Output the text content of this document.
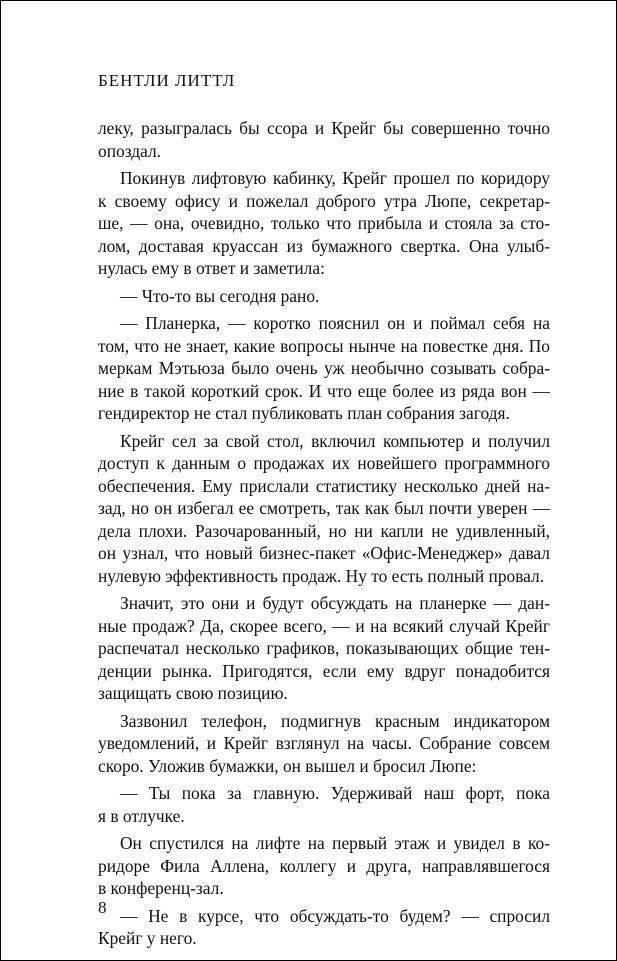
БЕНТЛИ ЛИТТЛ
леку, разыгралась бы ссора и Крейг бы совершенно точно
опоздал.
Покинув лифтовую кабинку, Крейг прошел по коридору
к своему офису и пожелал доброго утра Люпе, секретар-
ше, — она, очевидно, только что прибыла и стояла за сто-
лом, доставая круассан из бумажного свертка. Она улыб-
нулась ему в ответ и заметила:
— Что-то вы сегодня рано.
— Планерка, — коротко пояснил он и поймал себя на
том, что не знает, какие вопросы нынче на повестке дня. По
меркам Мэтьюза было очень уж необычно созывать собра-
ние в такой короткий срок. И что еще более из ряда вон —
гендиректор не стал публиковать план собрания загодя.
Крейг сел за свой стол, включил компьютер и получил
доступ к данным о продажах их новейшего программного
обеспечения. Ему прислали статистику несколько дней на-
зад, но он избегал ее смотреть, так как был почти уверен —
дела плохи. Разочарованный, но ни капли не удивленный,
он узнал, что новый бизнес-пакет «Офис-Менеджер» давал
нулевую эффективность продаж. Ну то есть полный провал.
Значит, это они и будут обсуждать на планерке — дан-
ные продаж? Да, скорее всего, — и на всякий случай Крейг
распечатал несколько графиков, показывающих общие тен-
денции рынка. Пригодятся, если ему вдруг понадобится
защищать свою позицию.
Зазвонил телефон, подмигнув красным индикатором
уведомлений, и Крейг взглянул на часы. Собрание совсем
скоро. Уложив бумажки, он вышел и бросил Люпе:
— Ты пока за главную. Удерживай наш форт, пока
я в отлучке.
Он спустился на лифте на первый этаж и увидел в ко-
ридоре Фила Аллена, коллегу и друга, направлявшегося
в конференц-зал.
— Не в курсе, что обсуждать-то будем? — спросил
Крейг у него.
8
